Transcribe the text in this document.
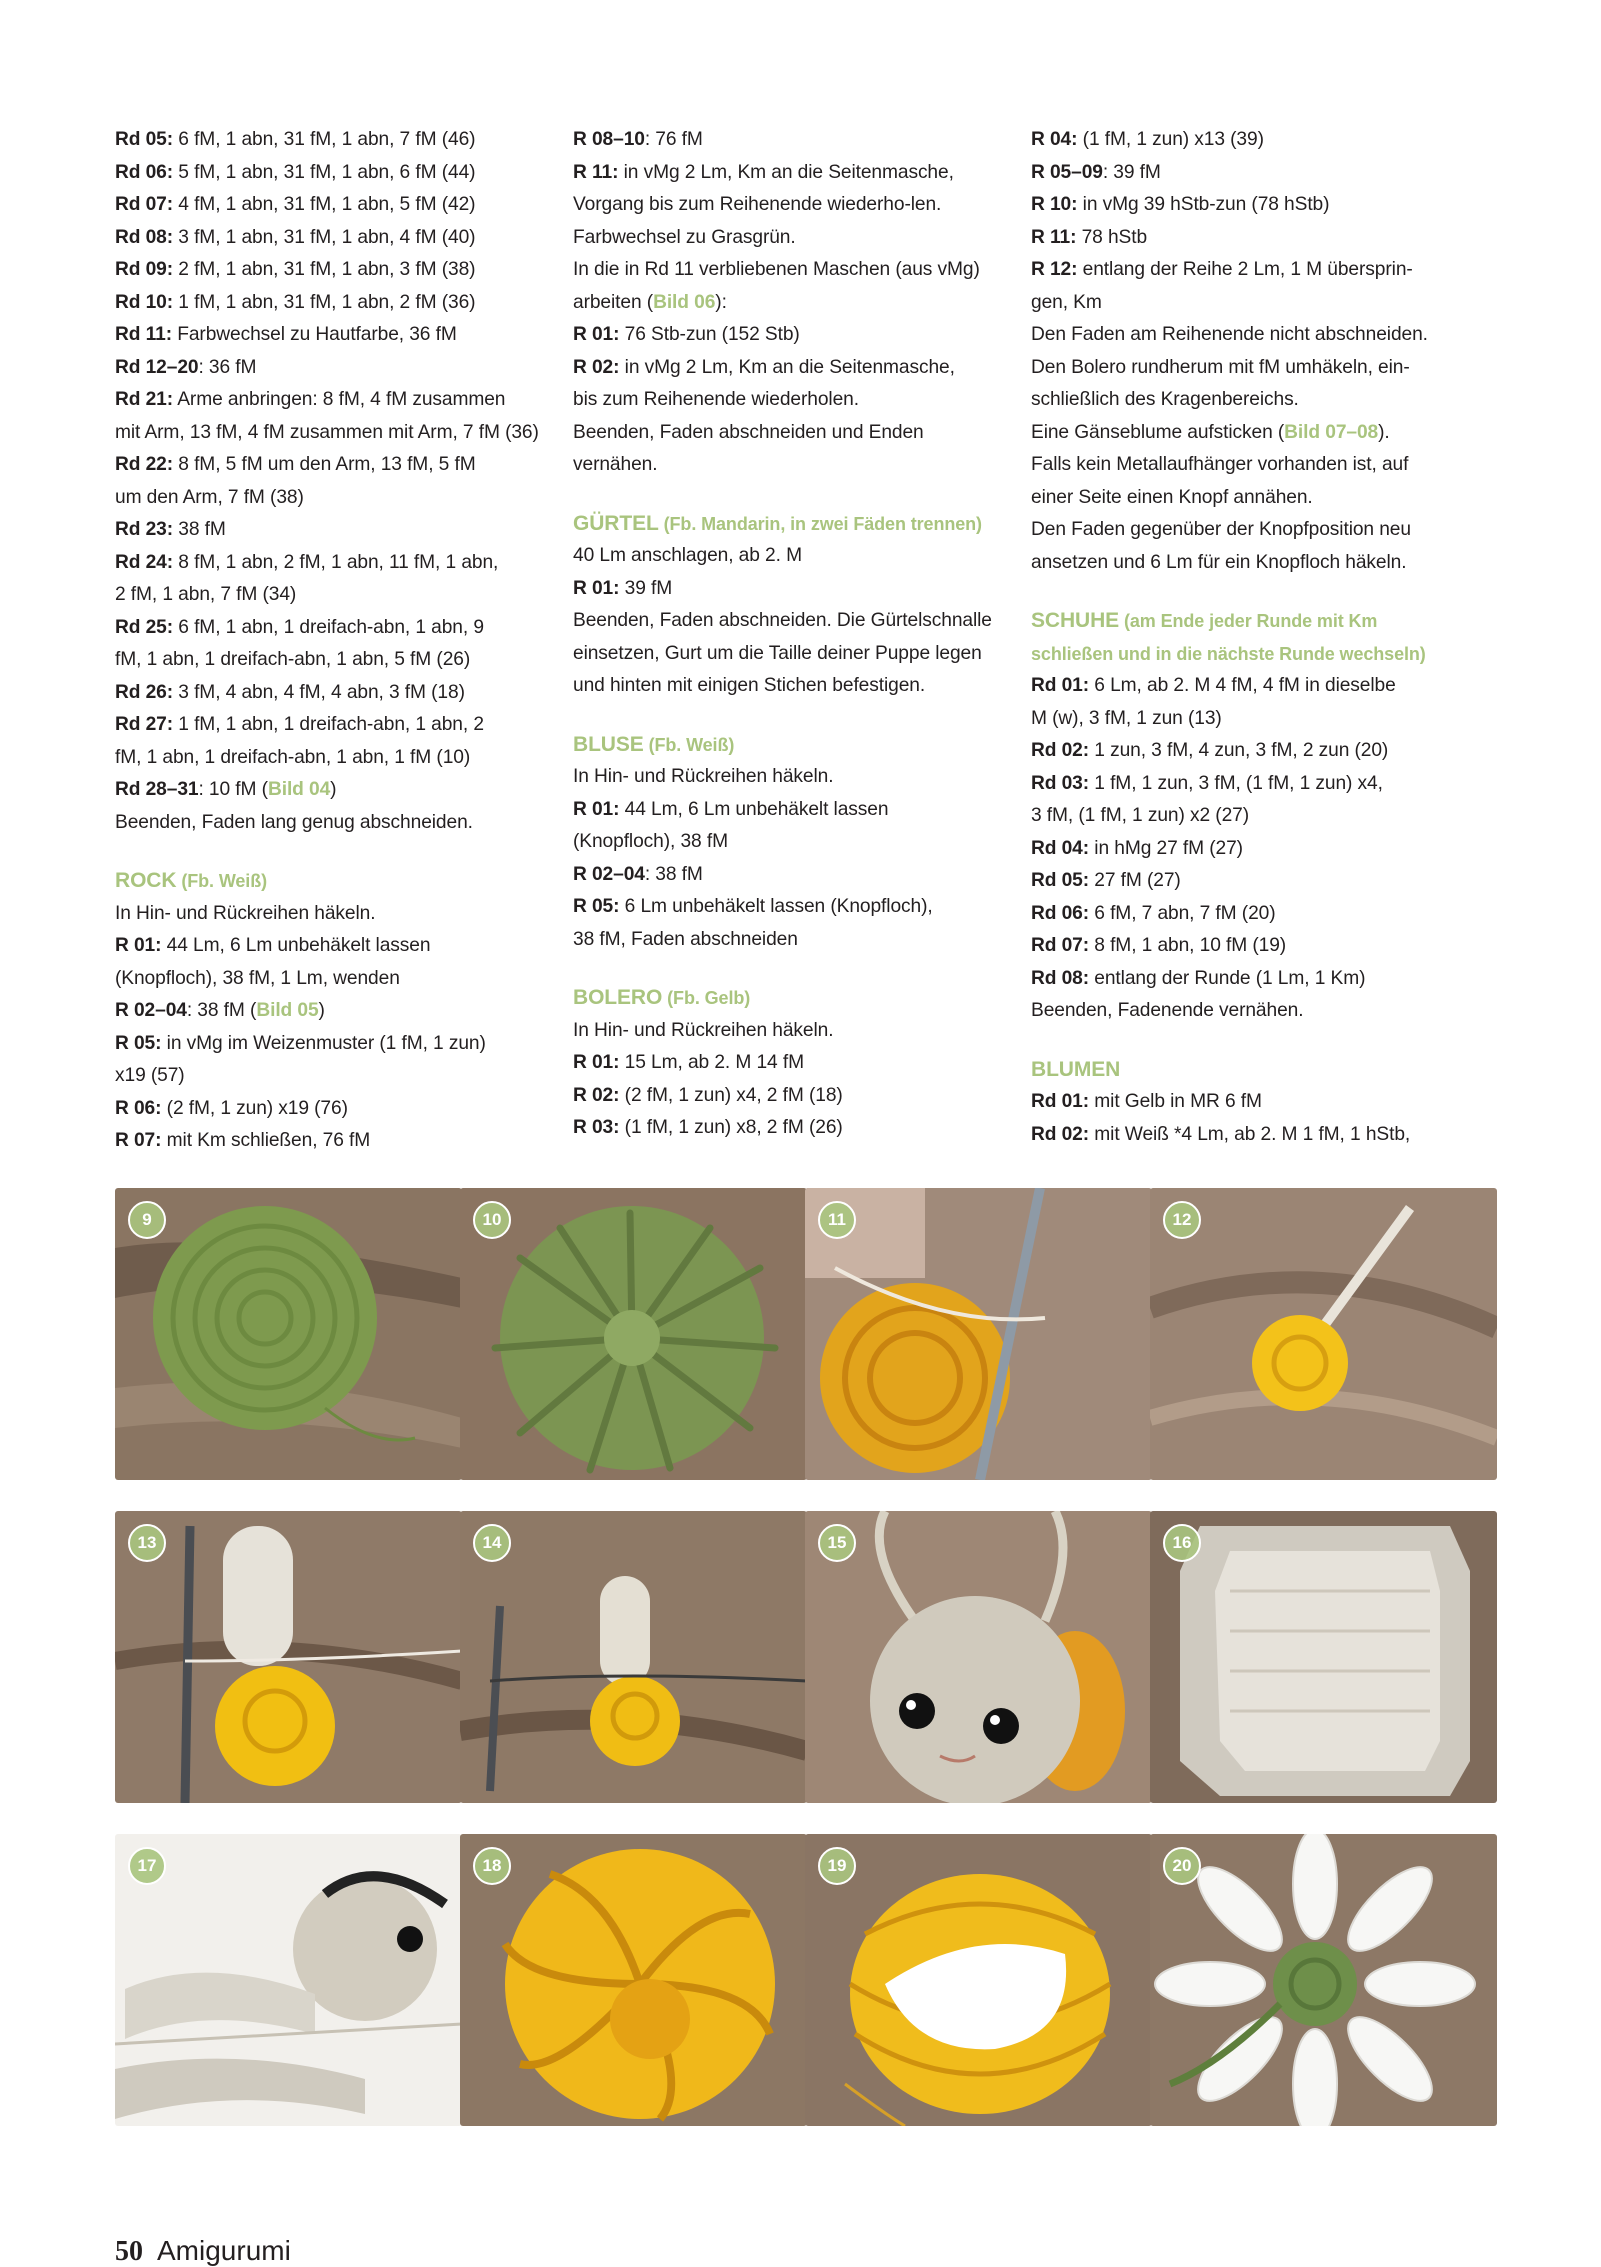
Rd 05: 6 fM, 1 abn, 31 fM, 1 abn, 7 fM (46)
Rd 06: 5 fM, 1 abn, 31 fM, 1 abn, 6 fM (44)
Rd 07: 4 fM, 1 abn, 31 fM, 1 abn, 5 fM (42)
Rd 08: 3 fM, 1 abn, 31 fM, 1 abn, 4 fM (40)
Rd 09: 2 fM, 1 abn, 31 fM, 1 abn, 3 fM (38)
Rd 10: 1 fM, 1 abn, 31 fM, 1 abn, 2 fM (36)
Rd 11: Farbwechsel zu Hautfarbe, 36 fM
Rd 12–20: 36 fM
Rd 21: Arme anbringen: 8 fM, 4 fM zusammen
mit Arm, 13 fM, 4 fM zusammen mit Arm, 7 fM (36)
Rd 22: 8 fM, 5 fM um den Arm, 13 fM, 5 fM
um den Arm, 7 fM (38)
Rd 23: 38 fM
Rd 24: 8 fM, 1 abn, 2 fM, 1 abn, 11 fM, 1 abn,
2 fM, 1 abn, 7 fM (34)
Rd 25: 6 fM, 1 abn, 1 dreifach-abn, 1 abn, 9
fM, 1 abn, 1 dreifach-abn, 1 abn, 5 fM (26)
Rd 26: 3 fM, 4 abn, 4 fM, 4 abn, 3 fM (18)
Rd 27: 1 fM, 1 abn, 1 dreifach-abn, 1 abn, 2
fM, 1 abn, 1 dreifach-abn, 1 abn, 1 fM (10)
Rd 28–31: 10 fM (Bild 04)
Beenden, Faden lang genug abschneiden.
ROCK (Fb. Weiß)
In Hin- und Rückreihen häkeln.
R 01: 44 Lm, 6 Lm unbehäkelt lassen
(Knopfloch), 38 fM, 1 Lm, wenden
R 02–04: 38 fM (Bild 05)
R 05: in vMg im Weizenmuster (1 fM, 1 zun)
x19 (57)
R 06: (2 fM, 1 zun) x19 (76)
R 07: mit Km schließen, 76 fM
R 08–10: 76 fM
R 11: in vMg 2 Lm, Km an die Seitenmasche,
Vorgang bis zum Reihenende wiederho-len.
Farbwechsel zu Grasgrün.
In die in Rd 11 verbliebenen Maschen (aus vMg)
arbeiten (Bild 06):
R 01: 76 Stb-zun (152 Stb)
R 02: in vMg 2 Lm, Km an die Seitenmasche,
bis zum Reihenende wiederholen.
Beenden, Faden abschneiden und Enden
vernähen.
GÜRTEL (Fb. Mandarin, in zwei Fäden trennen)
40 Lm anschlagen, ab 2. M
R 01: 39 fM
Beenden, Faden abschneiden. Die Gürtelschnalle
einsetzen, Gurt um die Taille deiner Puppe legen
und hinten mit einigen Stichen befestigen.
BLUSE (Fb. Weiß)
In Hin- und Rückreihen häkeln.
R 01: 44 Lm, 6 Lm unbehäkelt lassen
(Knopfloch), 38 fM
R 02–04: 38 fM
R 05: 6 Lm unbehäkelt lassen (Knopfloch),
38 fM, Faden abschneiden
BOLERO (Fb. Gelb)
In Hin- und Rückreihen häkeln.
R 01: 15 Lm, ab 2. M 14 fM
R 02: (2 fM, 1 zun) x4, 2 fM (18)
R 03: (1 fM, 1 zun) x8, 2 fM (26)
R 04: (1 fM, 1 zun) x13 (39)
R 05–09: 39 fM
R 10: in vMg 39 hStb-zun (78 hStb)
R 11: 78 hStb
R 12: entlang der Reihe 2 Lm, 1 M übersprin-
gen, Km
Den Faden am Reihenende nicht abschneiden.
Den Bolero rundherum mit fM umhäkeln, ein-
schließlich des Kragenbereichs.
Eine Gänseblume aufsticken (Bild 07–08).
Falls kein Metallaufhänger vorhanden ist, auf
einer Seite einen Knopf annähen.
Den Faden gegenüber der Knopfposition neu
ansetzen und 6 Lm für ein Knopfloch häkeln.
SCHUHE (am Ende jeder Runde mit Km
schließen und in die nächste Runde wechseln)
Rd 01: 6 Lm, ab 2. M 4 fM, 4 fM in dieselbe
M (w), 3 fM, 1 zun (13)
Rd 02: 1 zun, 3 fM, 4 zun, 3 fM, 2 zun (20)
Rd 03: 1 fM, 1 zun, 3 fM, (1 fM, 1 zun) x4,
3 fM, (1 fM, 1 zun) x2 (27)
Rd 04: in hMg 27 fM (27)
Rd 05: 27 fM (27)
Rd 06: 6 fM, 7 abn, 7 fM (20)
Rd 07: 8 fM, 1 abn, 10 fM (19)
Rd 08: entlang der Runde (1 Lm, 1 Km)
Beenden, Fadenende vernähen.
BLUMEN
Rd 01: mit Gelb in MR 6 fM
Rd 02: mit Weiß *4 Lm, ab 2. M 1 fM, 1 hStb,
9	10	11	12
13	14	15	16
17	18	19	20
50 Amigurumi
